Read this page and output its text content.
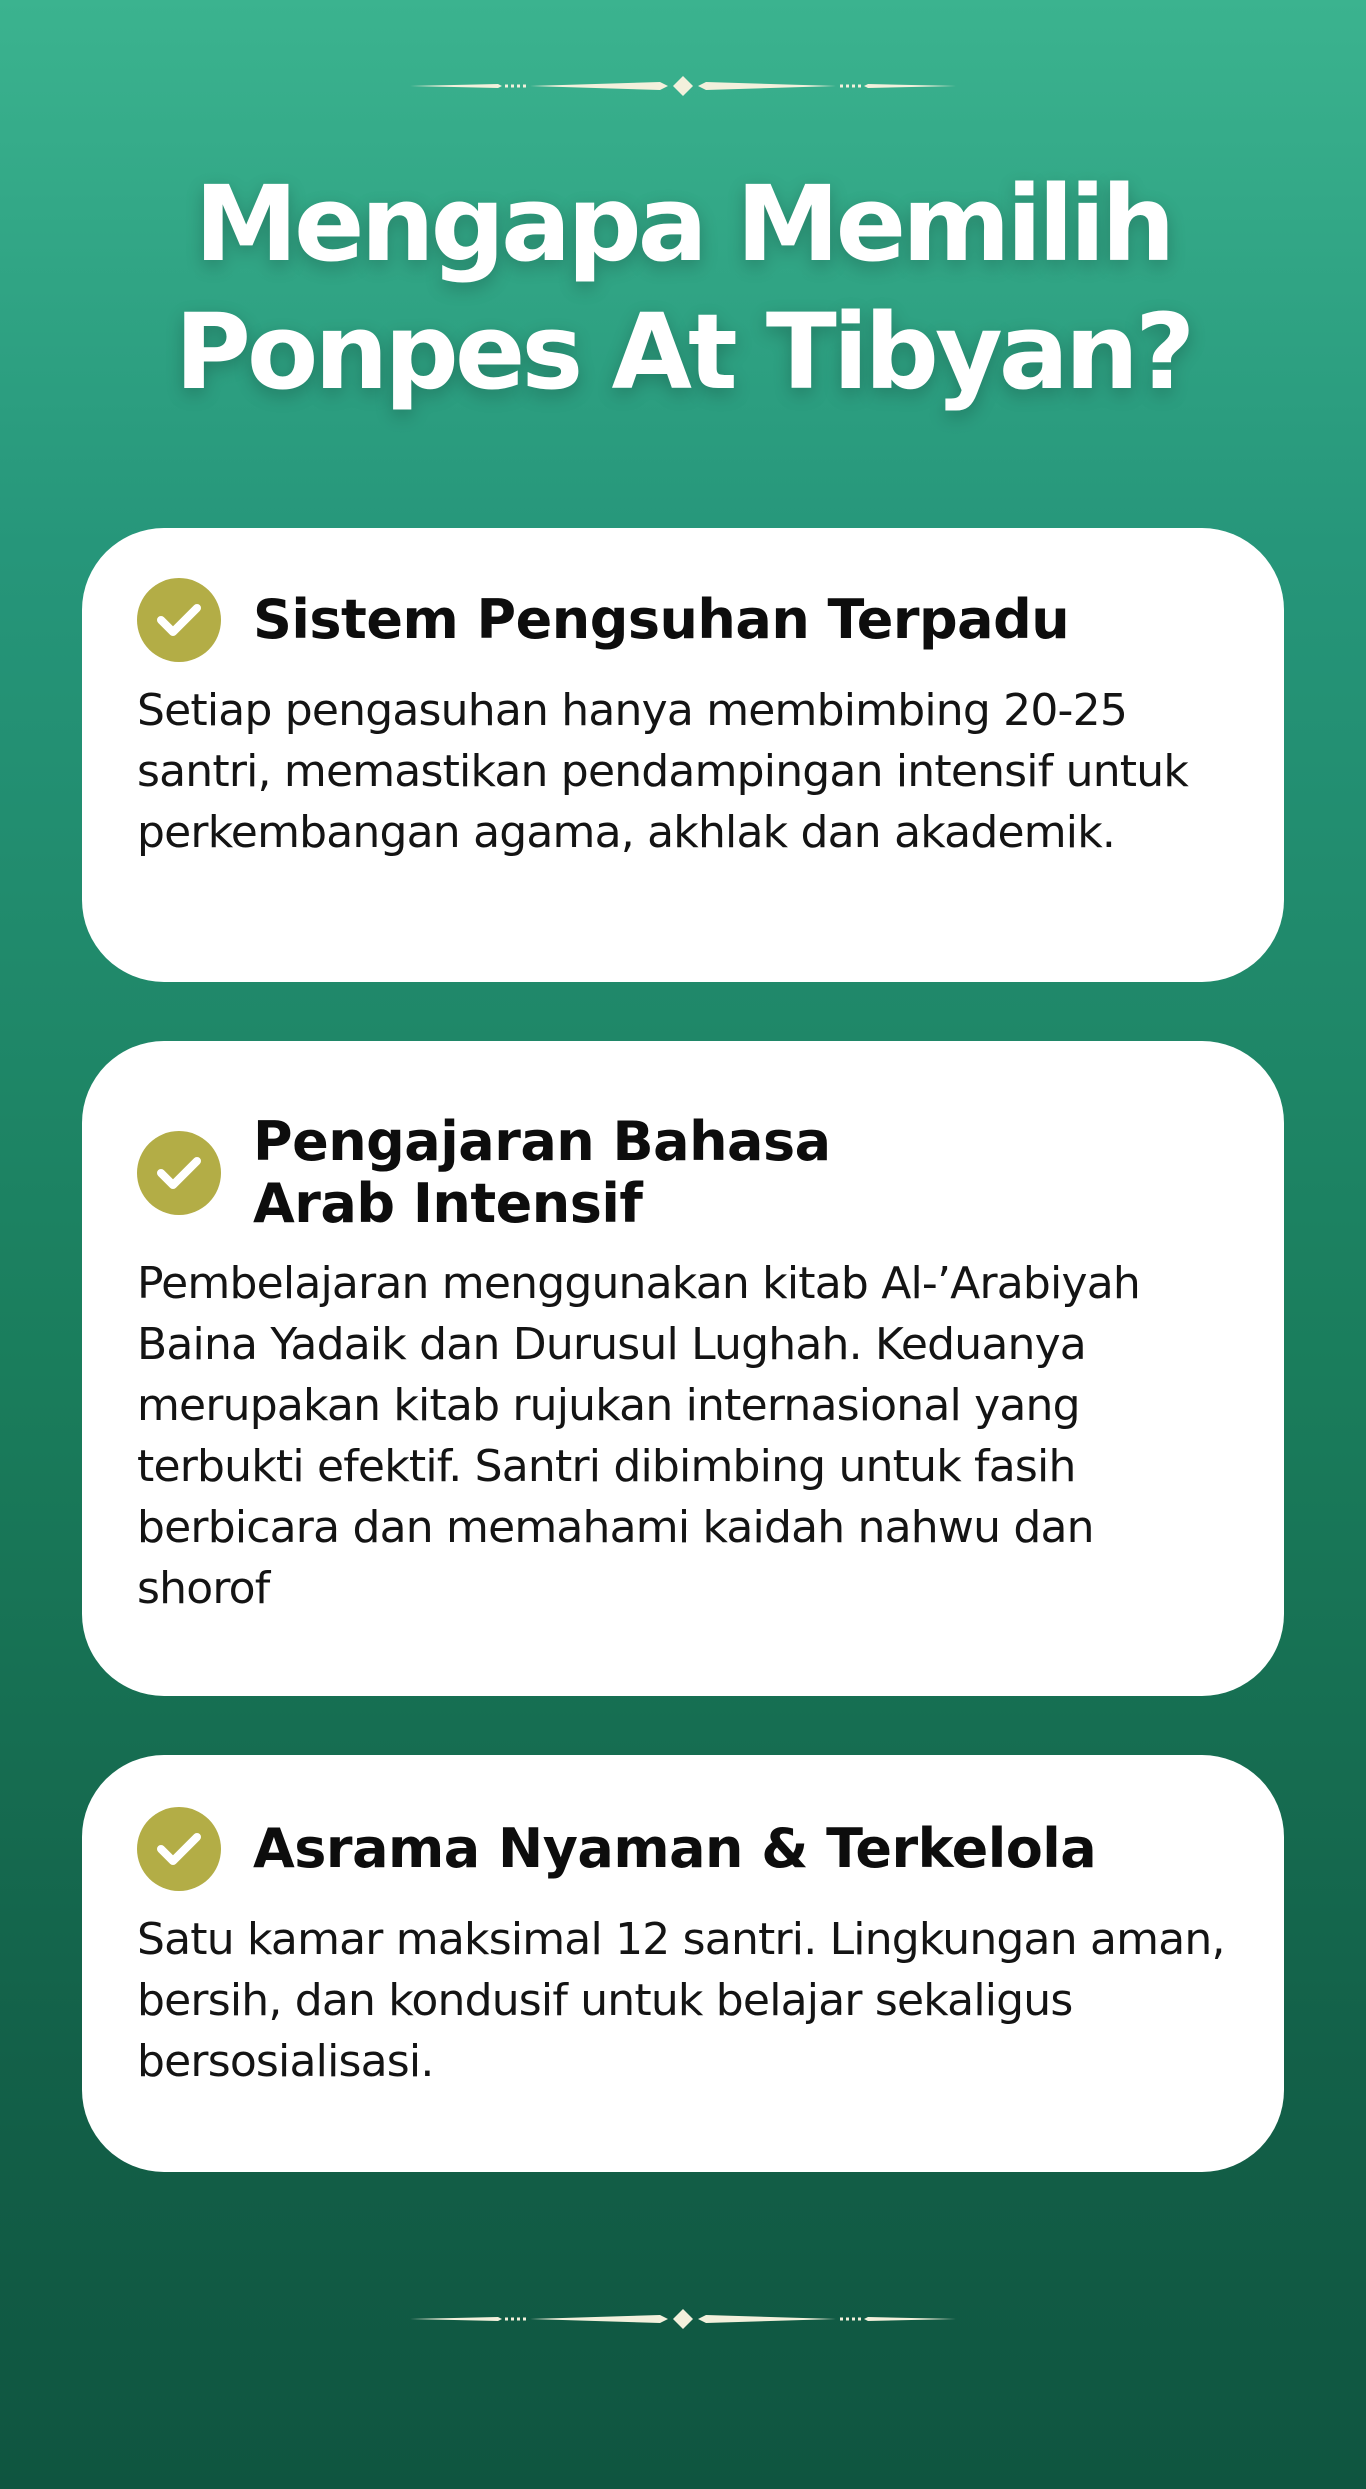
Mengapa Memilih
Ponpes At Tibyan?
Sistem Pengsuhan Terpadu
Setiap pengasuhan hanya membimbing 20-25 santri, memastikan pendampingan intensif untuk perkembangan agama, akhlak dan akademik.
Pengajaran Bahasa Arab Intensif
Pembelajaran menggunakan kitab Al-’Arabiyah Baina Yadaik dan Durusul Lughah. Keduanya merupakan kitab rujukan internasional yang terbukti efektif. Santri dibimbing untuk fasih berbicara dan memahami kaidah nahwu dan shorof
Asrama Nyaman & Terkelola
Satu kamar maksimal 12 santri. Lingkungan aman, bersih, dan kondusif untuk belajar sekaligus bersosialisasi.
